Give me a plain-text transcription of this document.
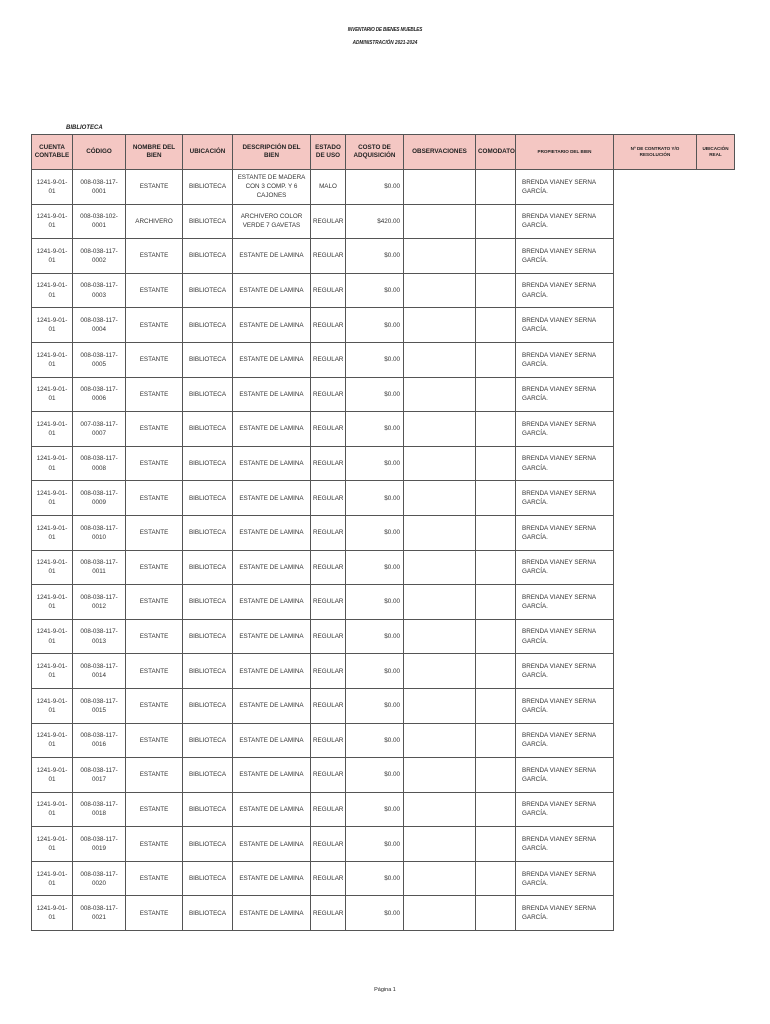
INVENTARIO DE BIENES MUEBLES
ADMINISTRACIÓN 2021-2024
BIBLIOTECA
CUENTA CONTABLE	CÓDIGO	NOMBRE DEL BIEN	UBICACIÓN	DESCRIPCIÓN DEL BIEN	ESTADO DE USO	COSTO DE ADQUISICIÓN	OBSERVACIONES	COMODATO	PROPIETARIO DEL BIEN	Nº DE CONTRATO Y/O RESOLUCIÓN	UBICACIÓN REAL
1241-9-01-01	008-038-117-0001	ESTANTE	BIBLIOTECA	ESTANTE DE MADERA CON 3 COMP. Y 6 CAJONES	MALO	$0.00			BRENDA VIANEY SERNA GARCÍA.		
1241-9-01-01	008-038-102-0001	ARCHIVERO	BIBLIOTECA	ARCHIVERO COLOR VERDE 7 GAVETAS	REGULAR	$420.00			BRENDA VIANEY SERNA GARCÍA.		
1241-9-01-01	008-038-117-0002	ESTANTE	BIBLIOTECA	ESTANTE DE LAMINA	REGULAR	$0.00			BRENDA VIANEY SERNA GARCÍA.		
1241-9-01-01	008-038-117-0003	ESTANTE	BIBLIOTECA	ESTANTE DE LAMINA	REGULAR	$0.00			BRENDA VIANEY SERNA GARCÍA.		
1241-9-01-01	008-038-117-0004	ESTANTE	BIBLIOTECA	ESTANTE DE LAMINA	REGULAR	$0.00			BRENDA VIANEY SERNA GARCÍA.		
1241-9-01-01	008-038-117-0005	ESTANTE	BIBLIOTECA	ESTANTE DE LAMINA	REGULAR	$0.00			BRENDA VIANEY SERNA GARCÍA.		
1241-9-01-01	008-038-117-0006	ESTANTE	BIBLIOTECA	ESTANTE DE LAMINA	REGULAR	$0.00			BRENDA VIANEY SERNA GARCÍA.		
1241-9-01-01	007-038-117-0007	ESTANTE	BIBLIOTECA	ESTANTE DE LAMINA	REGULAR	$0.00			BRENDA VIANEY SERNA GARCÍA.		
1241-9-01-01	008-038-117-0008	ESTANTE	BIBLIOTECA	ESTANTE DE LAMINA	REGULAR	$0.00			BRENDA VIANEY SERNA GARCÍA.		
1241-9-01-01	008-038-117-0009	ESTANTE	BIBLIOTECA	ESTANTE DE LAMINA	REGULAR	$0.00			BRENDA VIANEY SERNA GARCÍA.		
1241-9-01-01	008-038-117-0010	ESTANTE	BIBLIOTECA	ESTANTE DE LAMINA	REGULAR	$0.00			BRENDA VIANEY SERNA GARCÍA.		
1241-9-01-01	008-038-117-0011	ESTANTE	BIBLIOTECA	ESTANTE DE LAMINA	REGULAR	$0.00			BRENDA VIANEY SERNA GARCÍA.		
1241-9-01-01	008-038-117-0012	ESTANTE	BIBLIOTECA	ESTANTE DE LAMINA	REGULAR	$0.00			BRENDA VIANEY SERNA GARCÍA.		
1241-9-01-01	008-038-117-0013	ESTANTE	BIBLIOTECA	ESTANTE DE LAMINA	REGULAR	$0.00			BRENDA VIANEY SERNA GARCÍA.		
1241-9-01-01	008-038-117-0014	ESTANTE	BIBLIOTECA	ESTANTE DE LAMINA	REGULAR	$0.00			BRENDA VIANEY SERNA GARCÍA.		
1241-9-01-01	008-038-117-0015	ESTANTE	BIBLIOTECA	ESTANTE DE LAMINA	REGULAR	$0.00			BRENDA VIANEY SERNA GARCÍA.		
1241-9-01-01	008-038-117-0016	ESTANTE	BIBLIOTECA	ESTANTE DE LAMINA	REGULAR	$0.00			BRENDA VIANEY SERNA GARCÍA.		
1241-9-01-01	008-038-117-0017	ESTANTE	BIBLIOTECA	ESTANTE DE LAMINA	REGULAR	$0.00			BRENDA VIANEY SERNA GARCÍA.		
1241-9-01-01	008-038-117-0018	ESTANTE	BIBLIOTECA	ESTANTE DE LAMINA	REGULAR	$0.00			BRENDA VIANEY SERNA GARCÍA.		
1241-9-01-01	008-038-117-0019	ESTANTE	BIBLIOTECA	ESTANTE DE LAMINA	REGULAR	$0.00			BRENDA VIANEY SERNA GARCÍA.		
1241-9-01-01	008-038-117-0020	ESTANTE	BIBLIOTECA	ESTANTE DE LAMINA	REGULAR	$0.00			BRENDA VIANEY SERNA GARCÍA.		
1241-9-01-01	008-038-117-0021	ESTANTE	BIBLIOTECA	ESTANTE DE LAMINA	REGULAR	$0.00			BRENDA VIANEY SERNA GARCÍA.		
Página 1
